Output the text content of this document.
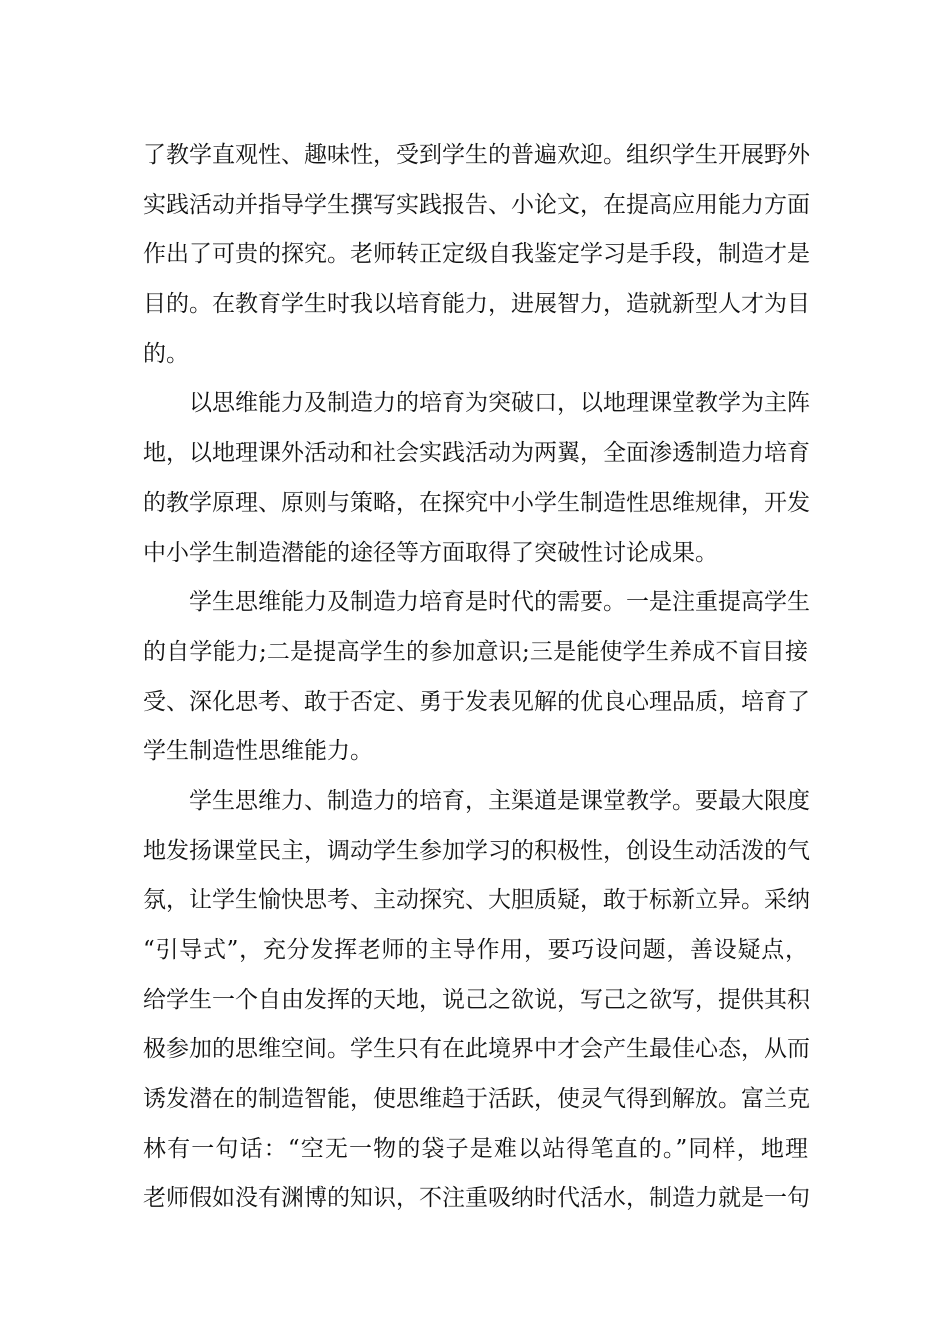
了教学直观性、趣味性，受到学生的普遍欢迎。组织学生开展野外
实践活动并指导学生撰写实践报告、小论文，在提高应用能力方面
作出了可贵的探究。老师转正定级自我鉴定学习是手段，制造才是
目的。在教育学生时我以培育能力，进展智力，造就新型人才为目
的。
以思维能力及制造力的培育为突破口，以地理课堂教学为主阵
地，以地理课外活动和社会实践活动为两翼，全面渗透制造力培育
的教学原理、原则与策略，在探究中小学生制造性思维规律，开发
中小学生制造潜能的途径等方面取得了突破性讨论成果。
学生思维能力及制造力培育是时代的需要。一是注重提高学生
的自学能力;二是提高学生的参加意识;三是能使学生养成不盲目接
受、深化思考、敢于否定、勇于发表见解的优良心理品质，培育了
学生制造性思维能力。
学生思维力、制造力的培育，主渠道是课堂教学。要最大限度
地发扬课堂民主，调动学生参加学习的积极性，创设生动活泼的气
氛，让学生愉快思考、主动探究、大胆质疑，敢于标新立异。采纳
“引导式”，充分发挥老师的主导作用，要巧设问题，善设疑点，
给学生一个自由发挥的天地，说己之欲说，写己之欲写，提供其积
极参加的思维空间。学生只有在此境界中才会产生最佳心态，从而
诱发潜在的制造智能，使思维趋于活跃，使灵气得到解放。富兰克
林有一句话：“空无一物的袋子是难以站得笔直的。”同样，地理
老师假如没有渊博的知识，不注重吸纳时代活水，制造力就是一句
